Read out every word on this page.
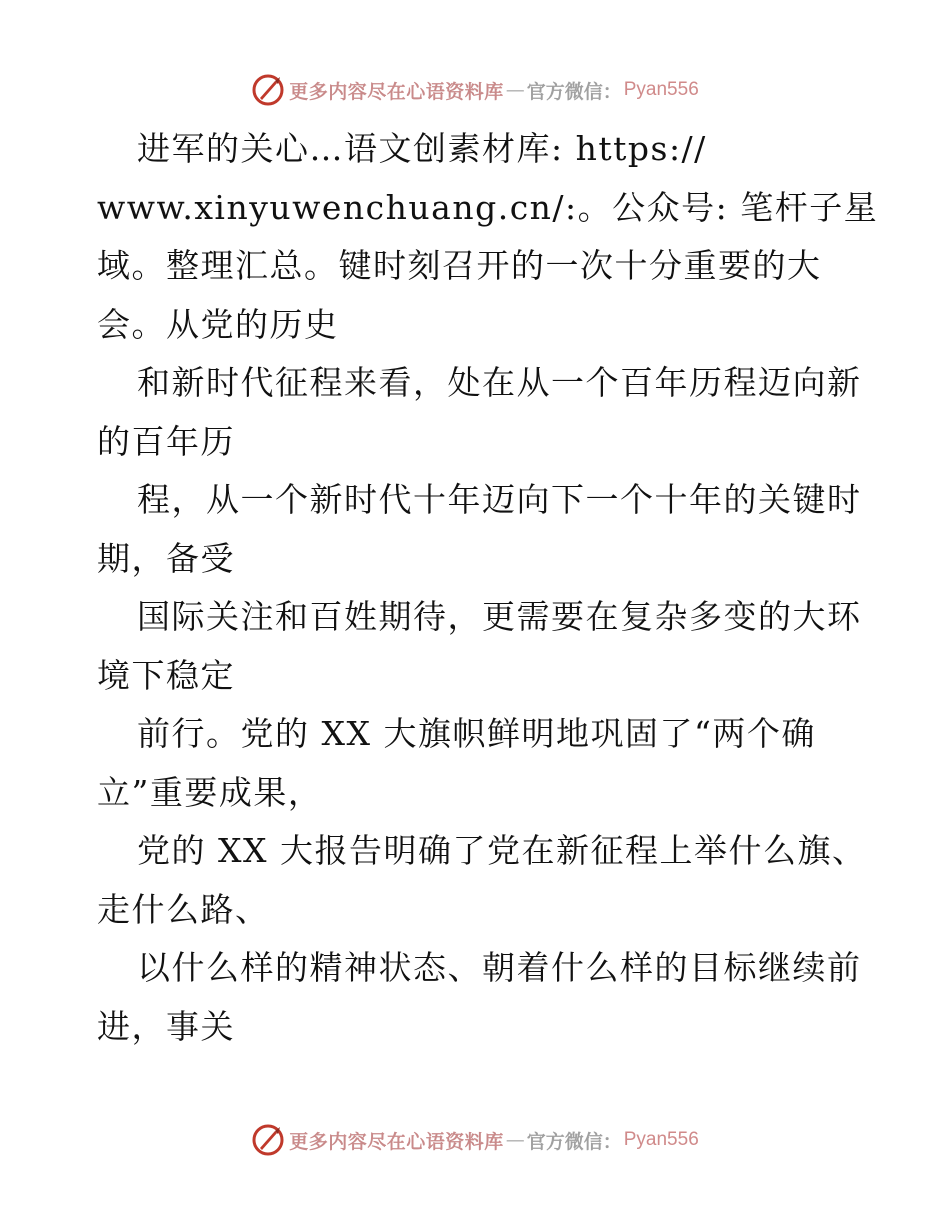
更多内容尽在心语资料库 — 官方微信： Pyan556
进军的关心…语文创素材库: https://
www.xinyuwenchuang.cn/:。公众号: 笔杆子星
域。整理汇总。键时刻召开的一次十分重要的大
会。从党的历史
和新时代征程来看，处在从一个百年历程迈向新
的百年历
程，从一个新时代十年迈向下一个十年的关键时
期，备受
国际关注和百姓期待，更需要在复杂多变的大环
境下稳定
前行。党的 XX 大旗帜鲜明地巩固了“两个确
立”重要成果，
党的 XX 大报告明确了党在新征程上举什么旗、
走什么路、
以什么样的精神状态、朝着什么样的目标继续前
进，事关
更多内容尽在心语资料库 — 官方微信： Pyan556
